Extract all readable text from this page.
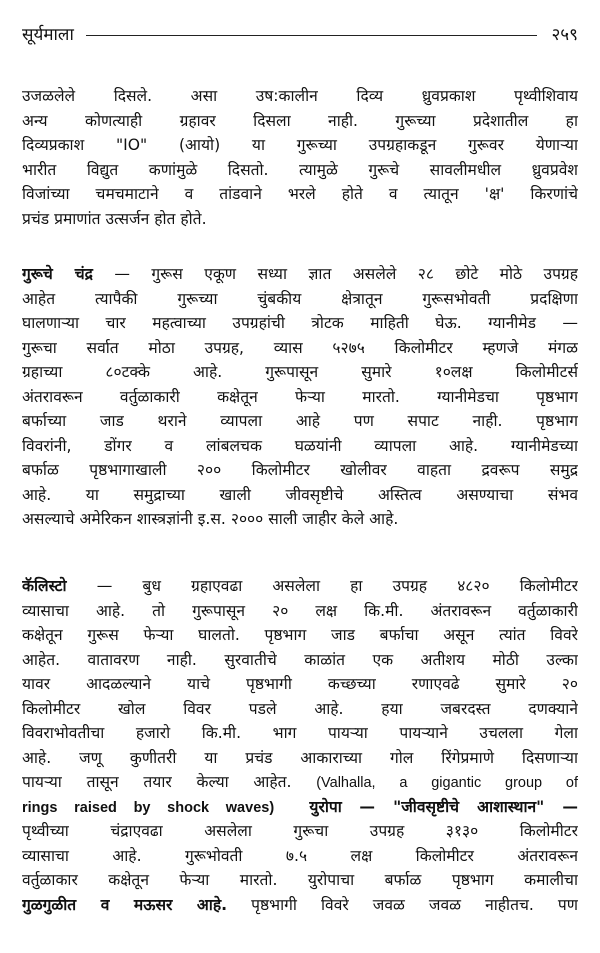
सूर्यमाला	२५९
उजळलेले दिसले. असा उष:कालीन दिव्य ध्रुवप्रकाश पृथ्वीशिवाय
अन्य कोणत्याही ग्रहावर दिसला नाही. गुरूच्या प्रदेशातील हा
दिव्यप्रकाश "IO" (आयो) या गुरूच्या उपग्रहाकडून गुरूवर येणाऱ्या
भारीत विद्युत कणांमुळे दिसतो. त्यामुळे गुरूचे सावलीमधील ध्रुवप्रवेश
विजांच्या चमचमाटाने व तांडवाने भरले होते व त्यातून 'क्ष' किरणांचे
प्रचंड प्रमाणांत उत्सर्जन होत होते.
गुरूचे चंद्र — गुरूस एकूण सध्या ज्ञात असलेले २८ छोटे मोठे उपग्रह
आहेत त्यापैकी गुरूच्या चुंबकीय क्षेत्रातून गुरूसभोवती प्रदक्षिणा
घालणाऱ्या चार महत्वाच्या उपग्रहांची त्रोटक माहिती घेऊ. ग्यानीमेड —
गुरूचा सर्वात मोठा उपग्रह, व्यास ५२७५ किलोमीटर म्हणजे मंगळ
ग्रहाच्या ८०टक्के आहे. गुरूपासून सुमारे १०लक्ष किलोमीटर्स
अंतरावरून वर्तुळाकारी कक्षेतून फेऱ्या मारतो. ग्यानीमेडचा पृष्ठभाग
बर्फाच्या जाड थराने व्यापला आहे पण सपाट नाही. पृष्ठभाग
विवरांनी, डोंगर व लांबलचक घळयांनी व्यापला आहे. ग्यानीमेडच्या
बर्फाळ पृष्ठभागाखाली २०० किलोमीटर खोलीवर वाहता द्रवरूप समुद्र
आहे. या समुद्राच्या खाली जीवसृष्टीचे अस्तित्व असण्याचा संभव
असल्याचे अमेरिकन शास्त्रज्ञांनी इ.स. २००० साली जाहीर केले आहे.
कॅलिस्टो — बुध ग्रहाएवढा असलेला हा उपग्रह ४८२० किलोमीटर
व्यासाचा आहे. तो गुरूपासून २० लक्ष कि.मी. अंतरावरून वर्तुळाकारी
कक्षेतून गुरूस फेऱ्या घालतो. पृष्ठभाग जाड बर्फाचा असून त्यांत विवरे
आहेत. वातावरण नाही. सुरवातीचे काळांत एक अतीशय मोठी उल्का
यावर आदळल्याने याचे पृष्ठभागी कच्छच्या रणाएवढे सुमारे २०
किलोमीटर खोल विवर पडले आहे. हया जबरदस्त दणक्याने
विवराभोवतीचा हजारो कि.मी. भाग पायऱ्या पायऱ्याने उचलला गेला
आहे. जणू कुणीतरी या प्रचंड आकाराच्या गोल रिंगेप्रमाणे दिसणाऱ्या
पायऱ्या तासून तयार केल्या आहेत. (Valhalla, a gigantic group of
rings raised by shock waves) युरोपा — "जीवसृष्टीचे आशास्थान" —
पृथ्वीच्या चंद्राएवढा असलेला गुरूचा उपग्रह ३१३० किलोमीटर
व्यासाचा आहे. गुरूभोवती ७.५ लक्ष किलोमीटर अंतरावरून
वर्तुळाकार कक्षेतून फेऱ्या मारतो. युरोपाचा बर्फाळ पृष्ठभाग कमालीचा
गुळगुळीत व मऊसर आहे. पृष्ठभागी विवरे जवळ जवळ नाहीतच. पण
